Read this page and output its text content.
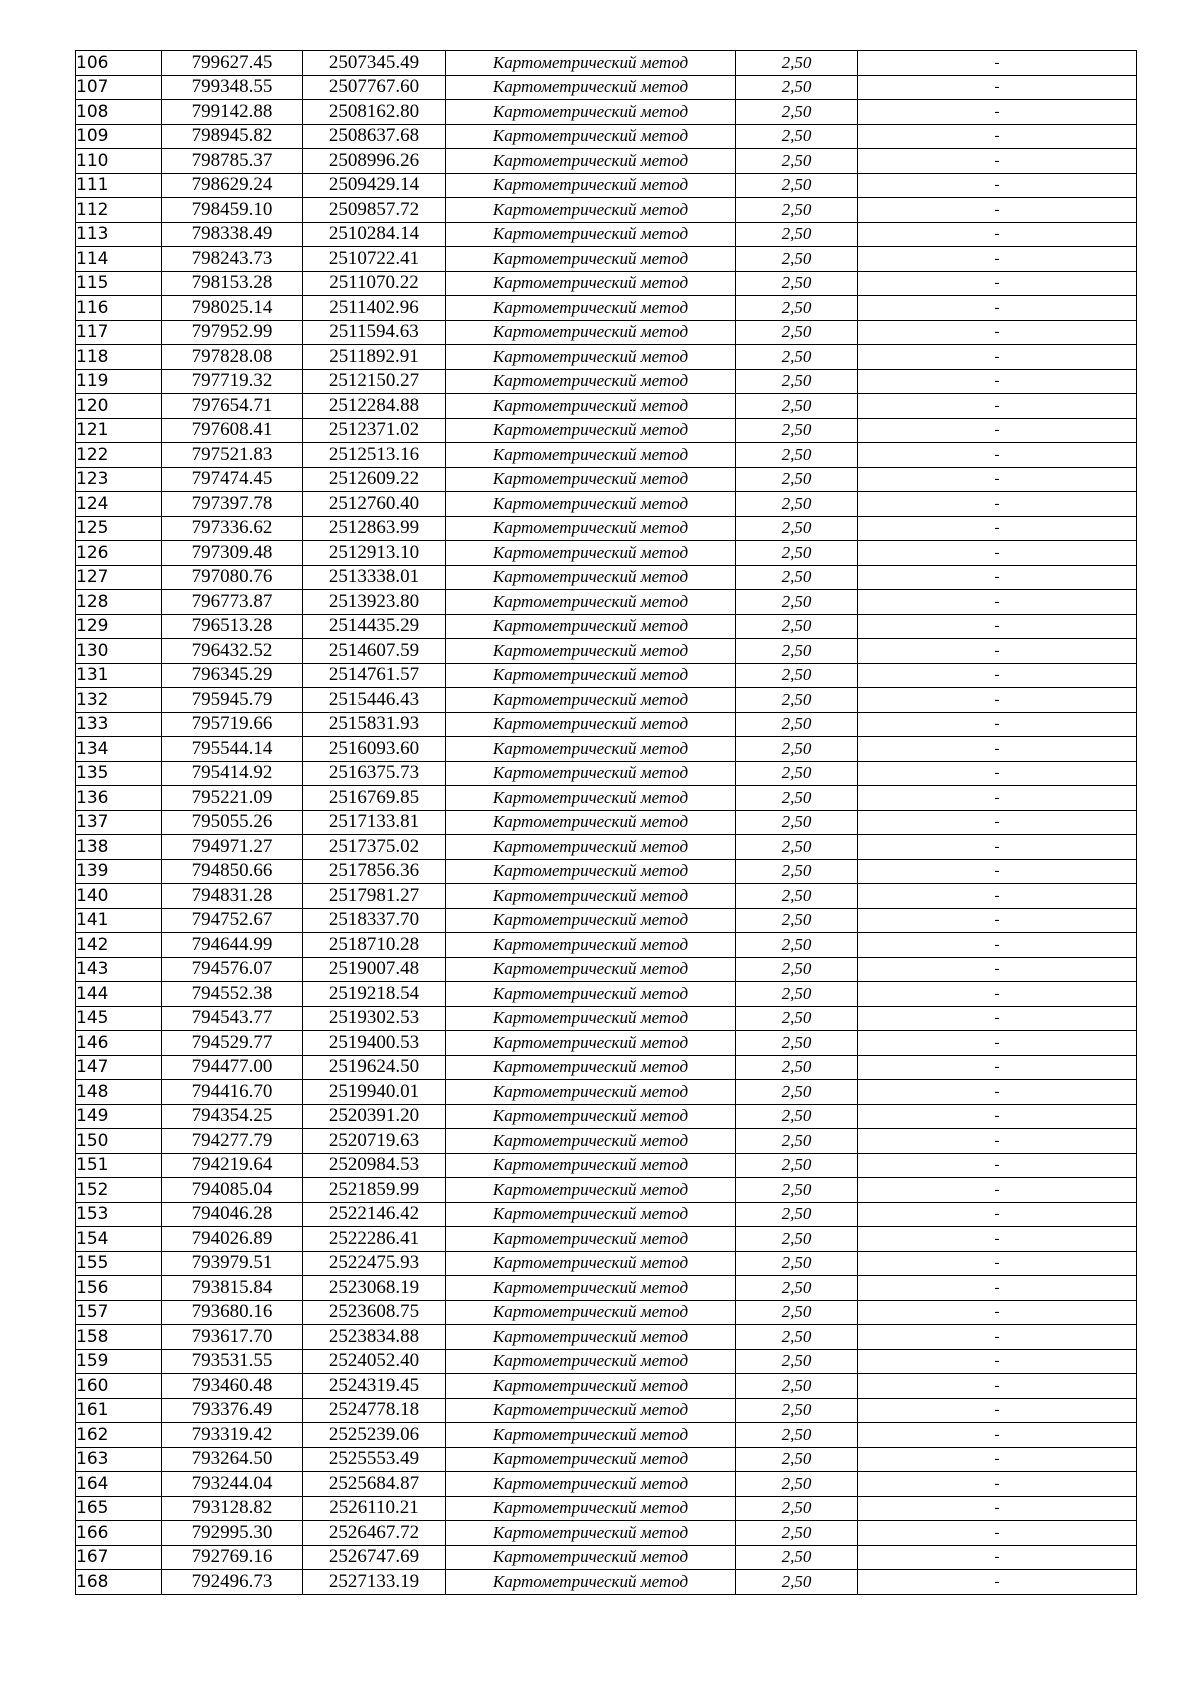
106	799627.45	2507345.49	Картометрический метод	2,50	-
107	799348.55	2507767.60	Картометрический метод	2,50	-
108	799142.88	2508162.80	Картометрический метод	2,50	-
109	798945.82	2508637.68	Картометрический метод	2,50	-
110	798785.37	2508996.26	Картометрический метод	2,50	-
111	798629.24	2509429.14	Картометрический метод	2,50	-
112	798459.10	2509857.72	Картометрический метод	2,50	-
113	798338.49	2510284.14	Картометрический метод	2,50	-
114	798243.73	2510722.41	Картометрический метод	2,50	-
115	798153.28	2511070.22	Картометрический метод	2,50	-
116	798025.14	2511402.96	Картометрический метод	2,50	-
117	797952.99	2511594.63	Картометрический метод	2,50	-
118	797828.08	2511892.91	Картометрический метод	2,50	-
119	797719.32	2512150.27	Картометрический метод	2,50	-
120	797654.71	2512284.88	Картометрический метод	2,50	-
121	797608.41	2512371.02	Картометрический метод	2,50	-
122	797521.83	2512513.16	Картометрический метод	2,50	-
123	797474.45	2512609.22	Картометрический метод	2,50	-
124	797397.78	2512760.40	Картометрический метод	2,50	-
125	797336.62	2512863.99	Картометрический метод	2,50	-
126	797309.48	2512913.10	Картометрический метод	2,50	-
127	797080.76	2513338.01	Картометрический метод	2,50	-
128	796773.87	2513923.80	Картометрический метод	2,50	-
129	796513.28	2514435.29	Картометрический метод	2,50	-
130	796432.52	2514607.59	Картометрический метод	2,50	-
131	796345.29	2514761.57	Картометрический метод	2,50	-
132	795945.79	2515446.43	Картометрический метод	2,50	-
133	795719.66	2515831.93	Картометрический метод	2,50	-
134	795544.14	2516093.60	Картометрический метод	2,50	-
135	795414.92	2516375.73	Картометрический метод	2,50	-
136	795221.09	2516769.85	Картометрический метод	2,50	-
137	795055.26	2517133.81	Картометрический метод	2,50	-
138	794971.27	2517375.02	Картометрический метод	2,50	-
139	794850.66	2517856.36	Картометрический метод	2,50	-
140	794831.28	2517981.27	Картометрический метод	2,50	-
141	794752.67	2518337.70	Картометрический метод	2,50	-
142	794644.99	2518710.28	Картометрический метод	2,50	-
143	794576.07	2519007.48	Картометрический метод	2,50	-
144	794552.38	2519218.54	Картометрический метод	2,50	-
145	794543.77	2519302.53	Картометрический метод	2,50	-
146	794529.77	2519400.53	Картометрический метод	2,50	-
147	794477.00	2519624.50	Картометрический метод	2,50	-
148	794416.70	2519940.01	Картометрический метод	2,50	-
149	794354.25	2520391.20	Картометрический метод	2,50	-
150	794277.79	2520719.63	Картометрический метод	2,50	-
151	794219.64	2520984.53	Картометрический метод	2,50	-
152	794085.04	2521859.99	Картометрический метод	2,50	-
153	794046.28	2522146.42	Картометрический метод	2,50	-
154	794026.89	2522286.41	Картометрический метод	2,50	-
155	793979.51	2522475.93	Картометрический метод	2,50	-
156	793815.84	2523068.19	Картометрический метод	2,50	-
157	793680.16	2523608.75	Картометрический метод	2,50	-
158	793617.70	2523834.88	Картометрический метод	2,50	-
159	793531.55	2524052.40	Картометрический метод	2,50	-
160	793460.48	2524319.45	Картометрический метод	2,50	-
161	793376.49	2524778.18	Картометрический метод	2,50	-
162	793319.42	2525239.06	Картометрический метод	2,50	-
163	793264.50	2525553.49	Картометрический метод	2,50	-
164	793244.04	2525684.87	Картометрический метод	2,50	-
165	793128.82	2526110.21	Картометрический метод	2,50	-
166	792995.30	2526467.72	Картометрический метод	2,50	-
167	792769.16	2526747.69	Картометрический метод	2,50	-
168	792496.73	2527133.19	Картометрический метод	2,50	-
